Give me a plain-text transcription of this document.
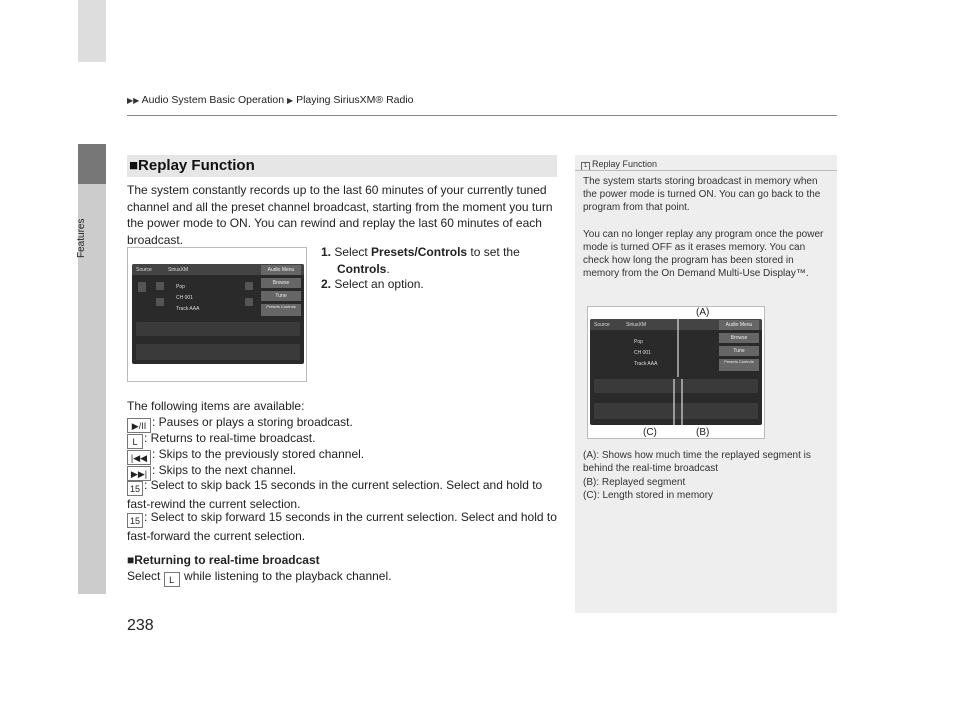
▶▶ Audio System Basic Operation ▶ Playing SiriusXM® Radio
Features
■Replay Function
The system constantly records up to the last 60 minutes of your currently tuned channel and all the preset channel broadcast, starting from the moment you turn the power mode to ON. You can rewind and replay the last 60 minutes of each broadcast.
Source	SiriusXM	Audio Menu
Browse
Tune
Presets Controls
Pop
CH 001
Track AAA
1. Select Presets/Controls to set the
Controls.
2. Select an option.
The following items are available:
▶/II : Pauses or plays a storing broadcast.
L : Returns to real-time broadcast.
|◀◀ : Skips to the previously stored channel.
▶▶| : Skips to the next channel.
15 : Select to skip back 15 seconds in the current selection. Select and hold to fast-rewind the current selection.
15 : Select to skip forward 15 seconds in the current selection. Select and hold to fast-forward the current selection.
■Returning to real-time broadcast
Select L while listening to the playback channel.
1 Replay Function
The system starts storing broadcast in memory when the power mode is turned ON. You can go back to the program from that point.
You can no longer replay any program once the power mode is turned OFF as it erases memory. You can check how long the program has been stored in memory from the On Demand Multi-Use Display™.
Source	SiriusXM	Audio Menu
Browse
Tune
Presets Controls
Pop
CH 001
Track AAA
(A)
(C)	(B)
(A): Shows how much time the replayed segment is behind the real-time broadcast
(B): Replayed segment
(C): Length stored in memory
238
